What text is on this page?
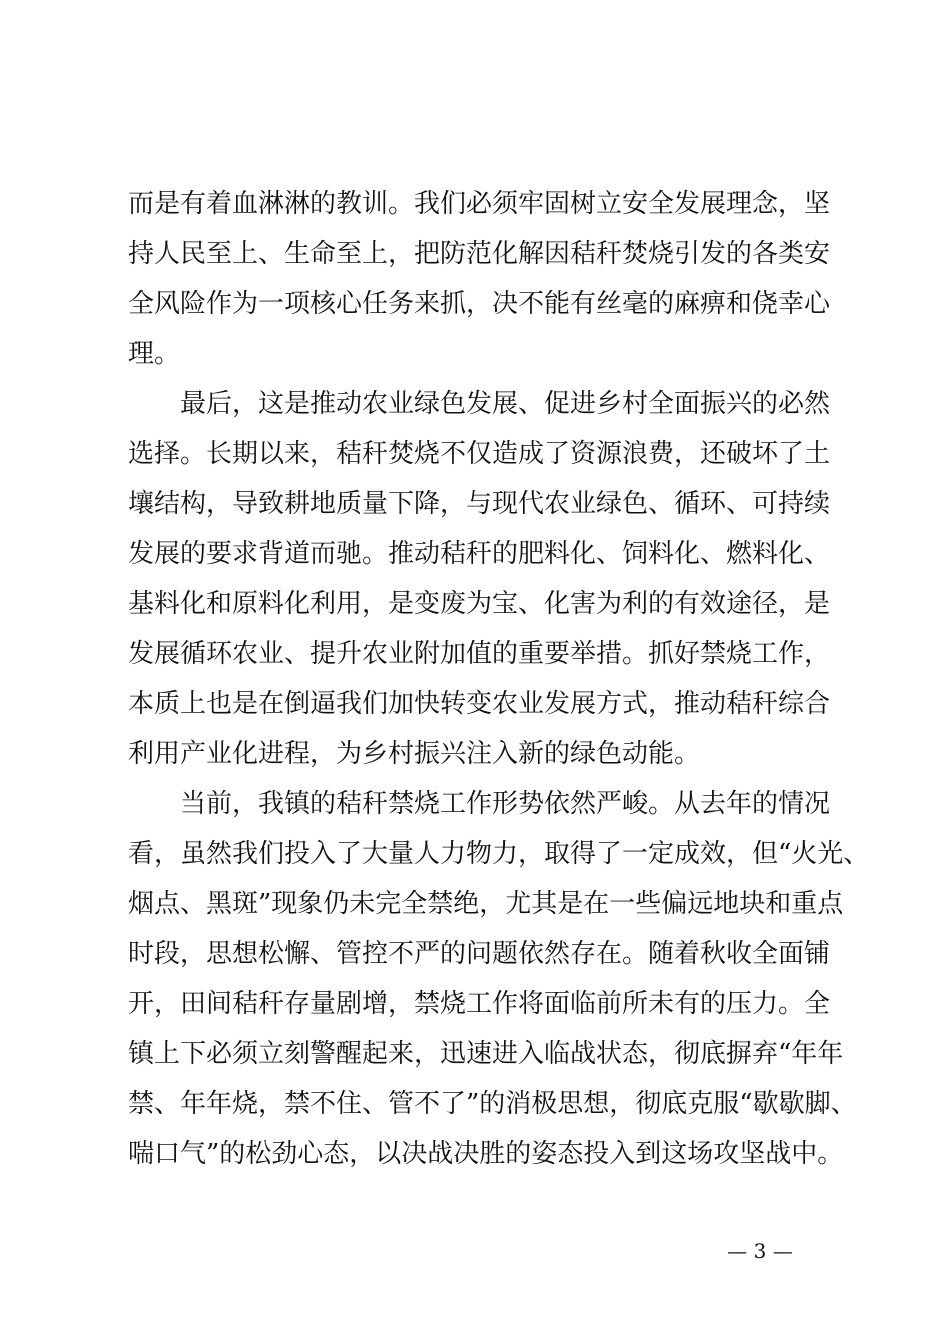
而是有着血淋淋的教训。我们必须牢固树立安全发展理念，坚
持人民至上、生命至上，把防范化解因秸秆焚烧引发的各类安
全风险作为一项核心任务来抓，决不能有丝毫的麻痹和侥幸心
理。
最后，这是推动农业绿色发展、促进乡村全面振兴的必然
选择。长期以来，秸秆焚烧不仅造成了资源浪费，还破坏了土
壤结构，导致耕地质量下降，与现代农业绿色、循环、可持续
发展的要求背道而驰。推动秸秆的肥料化、饲料化、燃料化、
基料化和原料化利用，是变废为宝、化害为利的有效途径，是
发展循环农业、提升农业附加值的重要举措。抓好禁烧工作，
本质上也是在倒逼我们加快转变农业发展方式，推动秸秆综合
利用产业化进程，为乡村振兴注入新的绿色动能。
当前，我镇的秸秆禁烧工作形势依然严峻。从去年的情况
看，虽然我们投入了大量人力物力，取得了一定成效，但“火光、
烟点、黑斑”现象仍未完全禁绝，尤其是在一些偏远地块和重点
时段，思想松懈、管控不严的问题依然存在。随着秋收全面铺
开，田间秸秆存量剧增，禁烧工作将面临前所未有的压力。全
镇上下必须立刻警醒起来，迅速进入临战状态，彻底摒弃“年年
禁、年年烧，禁不住、管不了”的消极思想，彻底克服“歇歇脚、
喘口气”的松劲心态，以决战决胜的姿态投入到这场攻坚战中。
— 3 —
